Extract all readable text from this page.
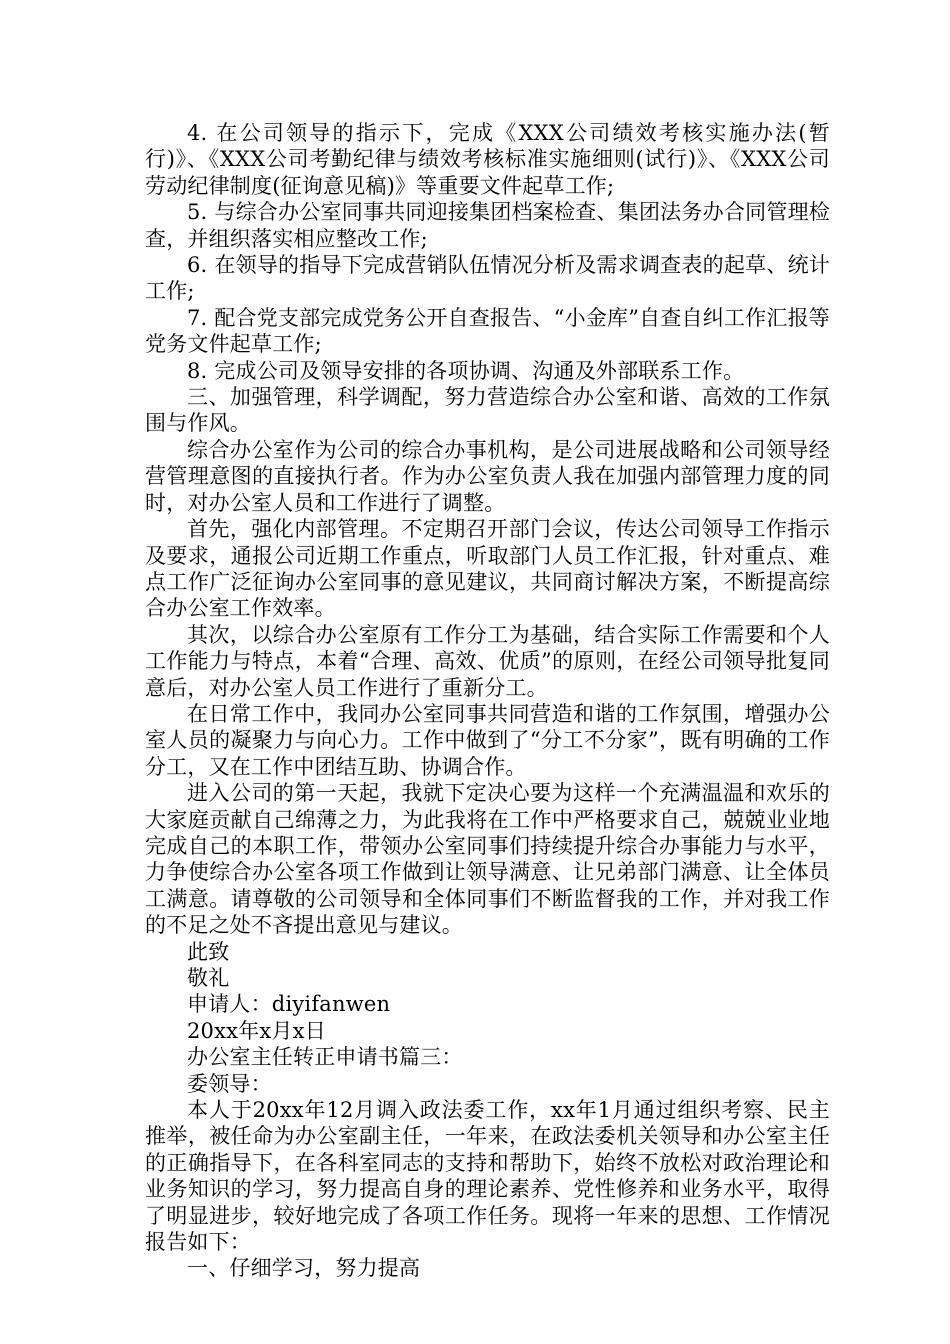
4. 在公司领导的指示下，完成《XXX公司绩效考核实施办法(暂行)》、《XXX公司考勤纪律与绩效考核标准实施细则(试行)》、《XXX公司劳动纪律制度(征询意见稿)》等重要文件起草工作;

5. 与综合办公室同事共同迎接集团档案检查、集团法务办合同管理检查，并组织落实相应整改工作;

6. 在领导的指导下完成营销队伍情况分析及需求调查表的起草、统计工作;

7. 配合党支部完成党务公开自查报告、“小金库”自查自纠工作汇报等党务文件起草工作;

8. 完成公司及领导安排的各项协调、沟通及外部联系工作。

三、加强管理，科学调配，努力营造综合办公室和谐、高效的工作氛围与作风。

综合办公室作为公司的综合办事机构，是公司进展战略和公司领导经营管理意图的直接执行者。作为办公室负责人我在加强内部管理力度的同时，对办公室人员和工作进行了调整。

首先，强化内部管理。不定期召开部门会议，传达公司领导工作指示及要求，通报公司近期工作重点，听取部门人员工作汇报，针对重点、难点工作广泛征询办公室同事的意见建议，共同商讨解决方案，不断提高综合办公室工作效率。

其次，以综合办公室原有工作分工为基础，结合实际工作需要和个人工作能力与特点，本着“合理、高效、优质”的原则，在经公司领导批复同意后，对办公室人员工作进行了重新分工。

在日常工作中，我同办公室同事共同营造和谐的工作氛围，增强办公室人员的凝聚力与向心力。工作中做到了“分工不分家”，既有明确的工作分工，又在工作中团结互助、协调合作。

进入公司的第一天起，我就下定决心要为这样一个充满温温和欢乐的大家庭贡献自己绵薄之力，为此我将在工作中严格要求自己，兢兢业业地完成自己的本职工作，带领办公室同事们持续提升综合办事能力与水平，力争使综合办公室各项工作做到让领导满意、让兄弟部门满意、让全体员工满意。请尊敬的公司领导和全体同事们不断监督我的工作，并对我工作的不足之处不吝提出意见与建议。

此致

敬礼

申请人：diyifanwen

20xx年x月x日

办公室主任转正申请书篇三：

委领导：

本人于20xx年12月调入政法委工作，xx年1月通过组织考察、民主推举，被任命为办公室副主任，一年来，在政法委机关领导和办公室主任的正确指导下，在各科室同志的支持和帮助下，始终不放松对政治理论和业务知识的学习，努力提高自身的理论素养、党性修养和业务水平，取得了明显进步，较好地完成了各项工作任务。现将一年来的思想、工作情况报告如下：

一、仔细学习，努力提高
